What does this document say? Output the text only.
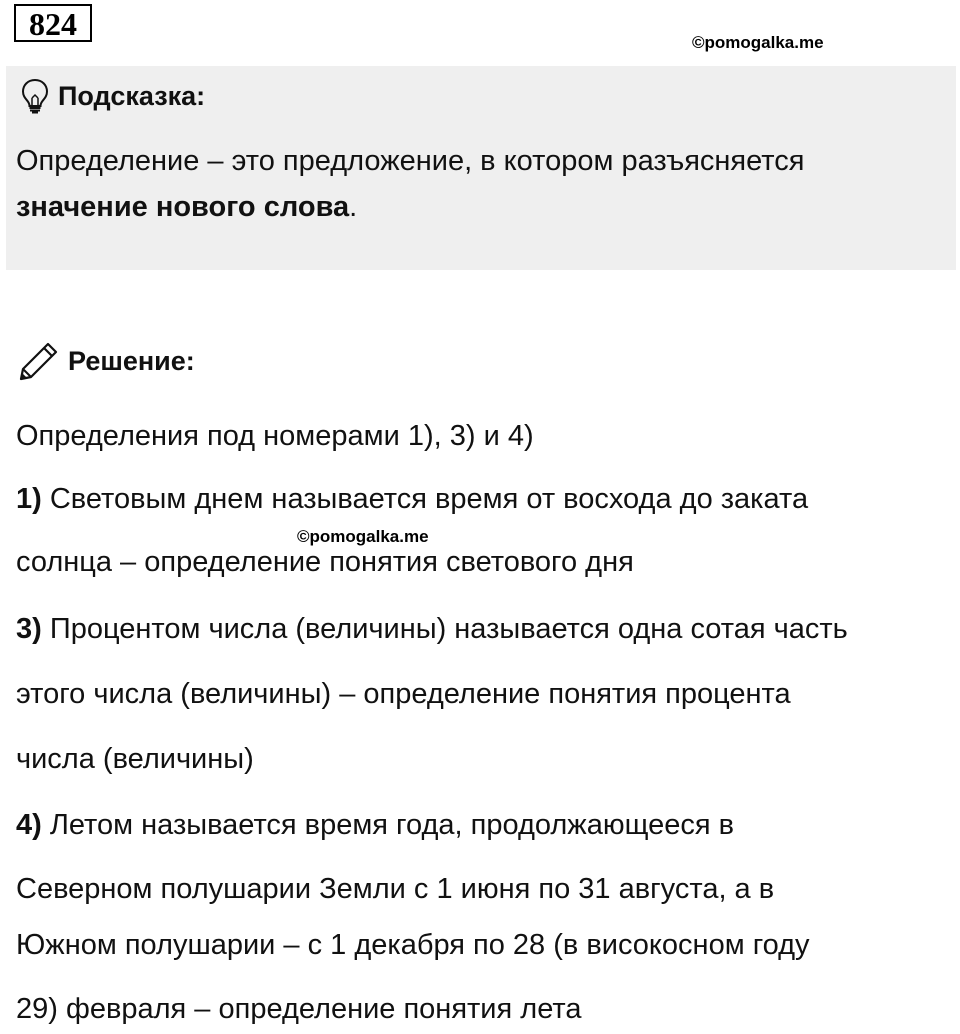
824
©pomogalka.me
Подсказка:
Определение – это предложение, в котором разъясняется значение нового слова.
Решение:
Определения под номерами 1), 3) и 4)
1) Световым днем называется время от восхода до заката
солнца – определение понятия светового дня
©pomogalka.me
3) Процентом числа (величины) называется одна сотая часть
этого числа (величины) – определение понятия процента
числа (величины)
4) Летом называется время года, продолжающееся в
Северном полушарии Земли с 1 июня по 31 августа, а в
Южном полушарии – с 1 декабря по 28 (в високосном году
29) февраля – определение понятия лета
